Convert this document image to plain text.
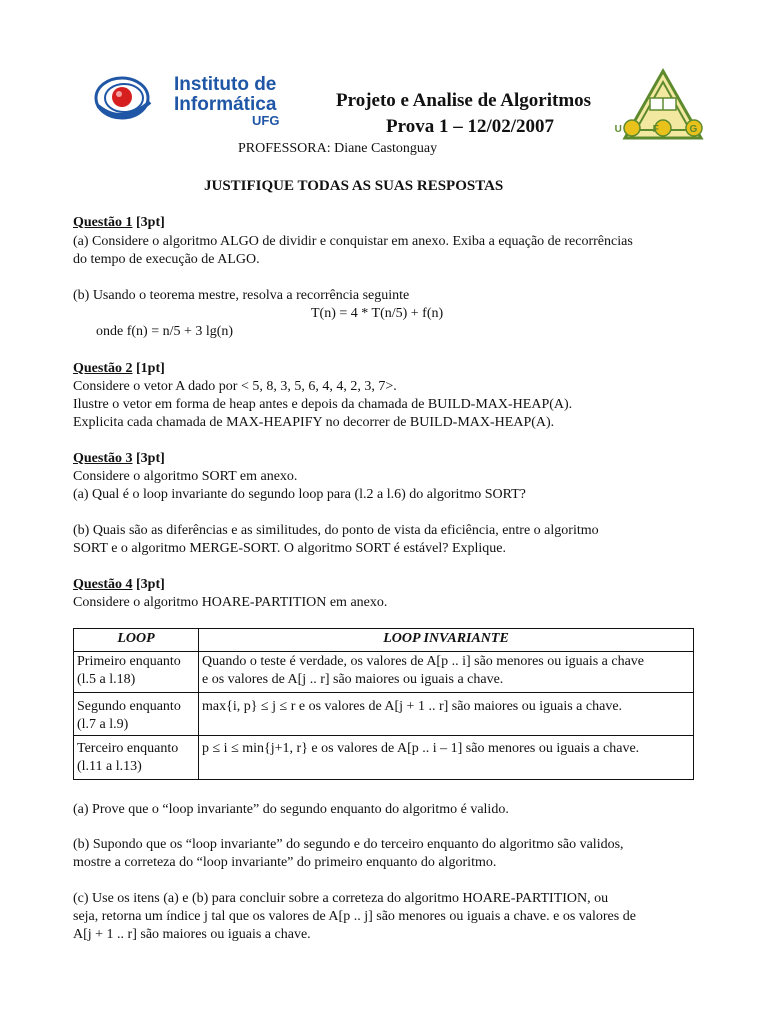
Instituto de
Informática
UFG
U F G
Projeto e Analise de Algoritmos
Prova 1 – 12/02/2007
PROFESSORA: Diane Castonguay
JUSTIFIQUE TODAS AS SUAS RESPOSTAS
Questão 1 [3pt]
(a) Considere o algoritmo ALGO de dividir e conquistar em anexo. Exiba a equação de recorrências
do tempo de execução de ALGO.
(b) Usando o teorema mestre, resolva a recorrência seguinte
T(n) = 4 * T(n/5) + f(n)
onde f(n) = n/5 + 3 lg(n)
Questão 2 [1pt]
Considere o vetor A dado por < 5, 8, 3, 5, 6, 4, 4, 2, 3, 7>.
Ilustre o vetor em forma de heap antes e depois da chamada de BUILD-MAX-HEAP(A).
Explicita cada chamada de MAX-HEAPIFY no decorrer de BUILD-MAX-HEAP(A).
Questão 3 [3pt]
Considere o algoritmo SORT em anexo.
(a) Qual é o loop invariante do segundo loop para (l.2 a l.6) do algoritmo SORT?
(b) Quais são as diferências e as similitudes, do ponto de vista da eficiência, entre o algoritmo
SORT e o algoritmo MERGE-SORT. O algoritmo SORT é estável? Explique.
Questão 4 [3pt]
Considere o algoritmo HOARE-PARTITION em anexo.
LOOP	LOOP INVARIANTE

Primeiro enquanto
(l.5 a l.18)	Quando o teste é verdade, os valores de A[p .. i] são menores ou iguais a chave
e os valores de A[j .. r] são maiores ou iguais a chave.

Segundo enquanto
(l.7 a l.9)	max{i, p} ≤ j ≤ r e os valores de A[j + 1 .. r] são maiores ou iguais a chave.

Terceiro enquanto
(l.11 a l.13)	p ≤ i ≤ min{j+1, r} e os valores de A[p .. i – 1] são menores ou iguais a chave.
(a) Prove que o “loop invariante” do segundo enquanto do algoritmo é valido.
(b) Supondo que os “loop invariante” do segundo e do terceiro enquanto do algoritmo são validos,
mostre a correteza do “loop invariante” do primeiro enquanto do algoritmo.
(c) Use os itens (a) e (b) para concluir sobre a correteza do algoritmo HOARE-PARTITION, ou
seja, retorna um índice j tal que os valores de A[p .. j] são menores ou iguais a chave. e os valores de
A[j + 1 .. r] são maiores ou iguais a chave.
